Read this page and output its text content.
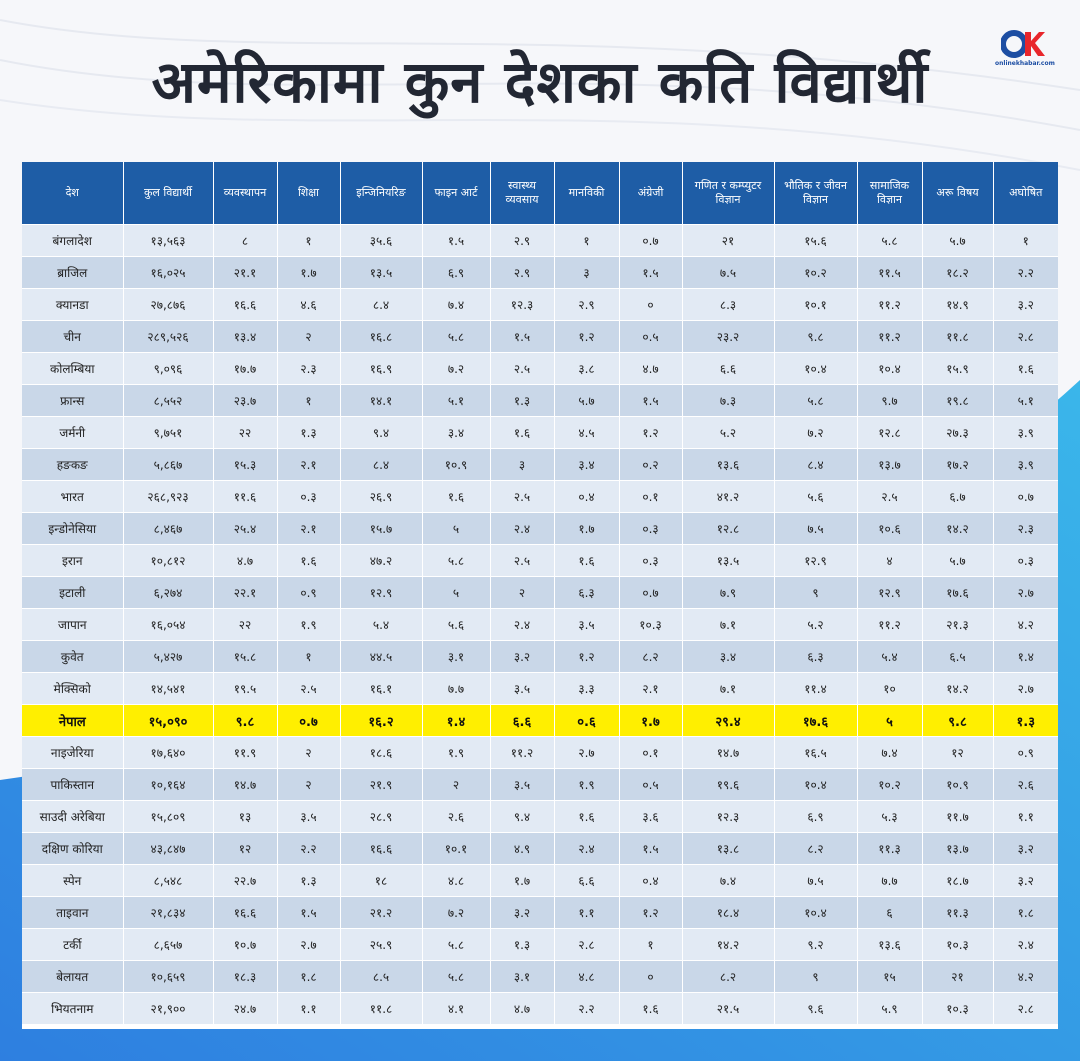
अमेरिकामा कुन देशका कति विद्यार्थी	onlinekhabar.com
देश	कुल विद्यार्थी	व्यवस्थापन	शिक्षा	इन्जिनियरिङ	फाइन आर्ट	स्वास्थ्य व्यवसाय	मानविकी	अंग्रेजी	गणित र कम्प्युटर विज्ञान	भौतिक र जीवन विज्ञान	सामाजिक विज्ञान	अरू विषय	अघोषित
बंगलादेश	१३,५६३	८	१	३५.६	१.५	२.९	१	०.७	२१	१५.६	५.८	५.७	१
ब्राजिल	१६,०२५	२१.१	१.७	१३.५	६.९	२.९	३	१.५	७.५	१०.२	११.५	१८.२	२.२
क्यानडा	२७,८७६	१६.६	४.६	८.४	७.४	१२.३	२.९	०	८.३	१०.१	११.२	१४.९	३.२
चीन	२८९,५२६	१३.४	२	१६.८	५.८	१.५	१.२	०.५	२३.२	९.८	११.२	११.८	२.८
कोलम्बिया	९,०९६	१७.७	२.३	१६.९	७.२	२.५	३.८	४.७	६.६	१०.४	१०.४	१५.९	१.६
फ्रान्स	८,५५२	२३.७	१	१४.१	५.१	१.३	५.७	१.५	७.३	५.८	९.७	१९.८	५.१
जर्मनी	९,७५१	२२	१.३	९.४	३.४	१.६	४.५	१.२	५.२	७.२	१२.८	२७.३	३.९
हङकङ	५,८६७	१५.३	२.१	८.४	१०.९	३	३.४	०.२	१३.६	८.४	१३.७	१७.२	३.९
भारत	२६८,९२३	११.६	०.३	२६.९	१.६	२.५	०.४	०.१	४१.२	५.६	२.५	६.७	०.७
इन्डोनेसिया	८,४६७	२५.४	२.१	१५.७	५	२.४	१.७	०.३	१२.८	७.५	१०.६	१४.२	२.३
इरान	१०,८१२	४.७	१.६	४७.२	५.८	२.५	१.६	०.३	१३.५	१२.९	४	५.७	०.३
इटाली	६,२७४	२२.१	०.९	१२.९	५	२	६.३	०.७	७.९	९	१२.९	१७.६	२.७
जापान	१६,०५४	२२	१.९	५.४	५.६	२.४	३.५	१०.३	७.१	५.२	११.२	२१.३	४.२
कुवेत	५,४२७	१५.८	१	४४.५	३.१	३.२	१.२	८.२	३.४	६.३	५.४	६.५	१.४
मेक्सिको	१४,५४१	१९.५	२.५	१६.१	७.७	३.५	३.३	२.१	७.१	११.४	१०	१४.२	२.७
नेपाल	१५,०९०	९.८	०.७	१६.२	१.४	६.६	०.६	१.७	२९.४	१७.६	५	९.८	१.३
नाइजेरिया	१७,६४०	११.९	२	१८.६	१.९	११.२	२.७	०.१	१४.७	१६.५	७.४	१२	०.९
पाकिस्तान	१०,१६४	१४.७	२	२१.९	२	३.५	१.९	०.५	१९.६	१०.४	१०.२	१०.९	२.६
साउदी अरेबिया	१५,८०९	१३	३.५	२८.९	२.६	९.४	१.६	३.६	१२.३	६.९	५.३	११.७	१.१
दक्षिण कोरिया	४३,८४७	१२	२.२	१६.६	१०.१	४.९	२.४	१.५	१३.८	८.२	११.३	१३.७	३.२
स्पेन	८,५४८	२२.७	१.३	१८	४.८	१.७	६.६	०.४	७.४	७.५	७.७	१८.७	३.२
ताइवान	२१,८३४	१६.६	१.५	२१.२	७.२	३.२	१.१	१.२	१८.४	१०.४	६	११.३	१.८
टर्की	८,६५७	१०.७	२.७	२५.९	५.८	१.३	२.८	१	१४.२	९.२	१३.६	१०.३	२.४
बेलायत	१०,६५९	१८.३	१.८	८.५	५.८	३.१	४.८	०	८.२	९	१५	२१	४.२
भियतनाम	२१,९००	२४.७	१.१	११.८	४.१	४.७	२.२	१.६	२१.५	९.६	५.९	१०.३	२.८
